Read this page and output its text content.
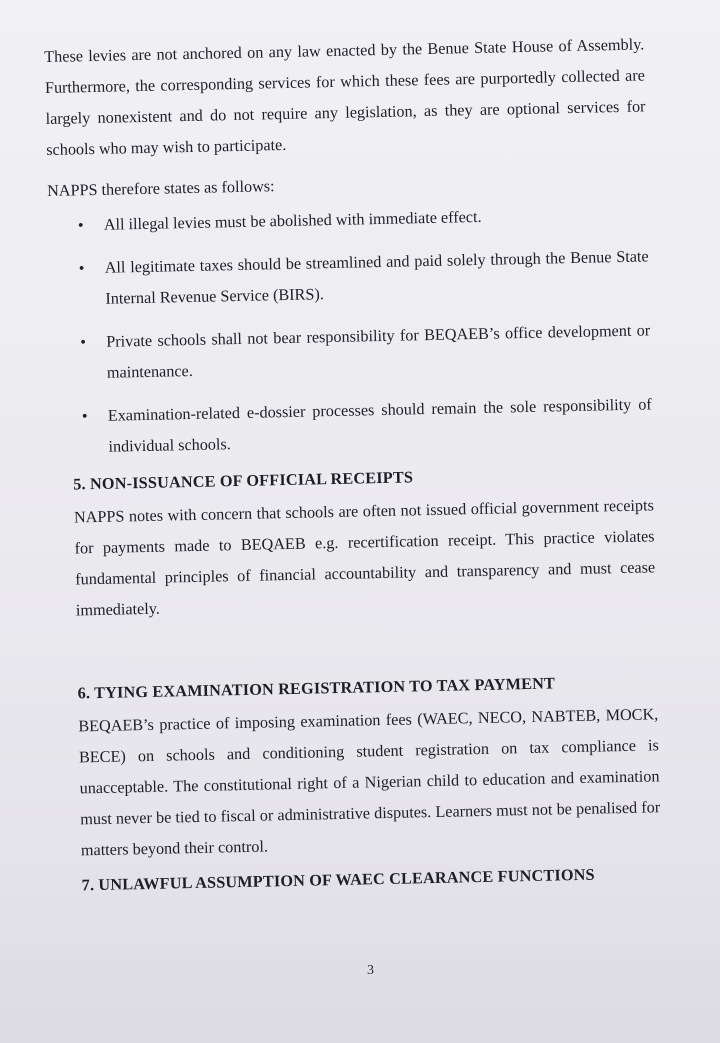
These levies are not anchored on any law enacted by the Benue State House of Assembly. Furthermore, the corresponding services for which these fees are purportedly collected are largely nonexistent and do not require any legislation, as they are optional services for schools who may wish to participate.

NAPPS therefore states as follows:

• All illegal levies must be abolished with immediate effect.
• All legitimate taxes should be streamlined and paid solely through the Benue State Internal Revenue Service (BIRS).
• Private schools shall not bear responsibility for BEQAEB’s office development or maintenance.
• Examination-related e-dossier processes should remain the sole responsibility of individual schools.
5. NON-ISSUANCE OF OFFICIAL RECEIPTS

NAPPS notes with concern that schools are often not issued official government receipts for payments made to BEQAEB e.g. recertification receipt. This practice violates fundamental principles of financial accountability and transparency and must cease immediately.

6. TYING EXAMINATION REGISTRATION TO TAX PAYMENT

BEQAEB’s practice of imposing examination fees (WAEC, NECO, NABTEB, MOCK, BECE) on schools and conditioning student registration on tax compliance is unacceptable. The constitutional right of a Nigerian child to education and examination must never be tied to fiscal or administrative disputes. Learners must not be penalised for matters beyond their control.

7. UNLAWFUL ASSUMPTION OF WAEC CLEARANCE FUNCTIONS
3
